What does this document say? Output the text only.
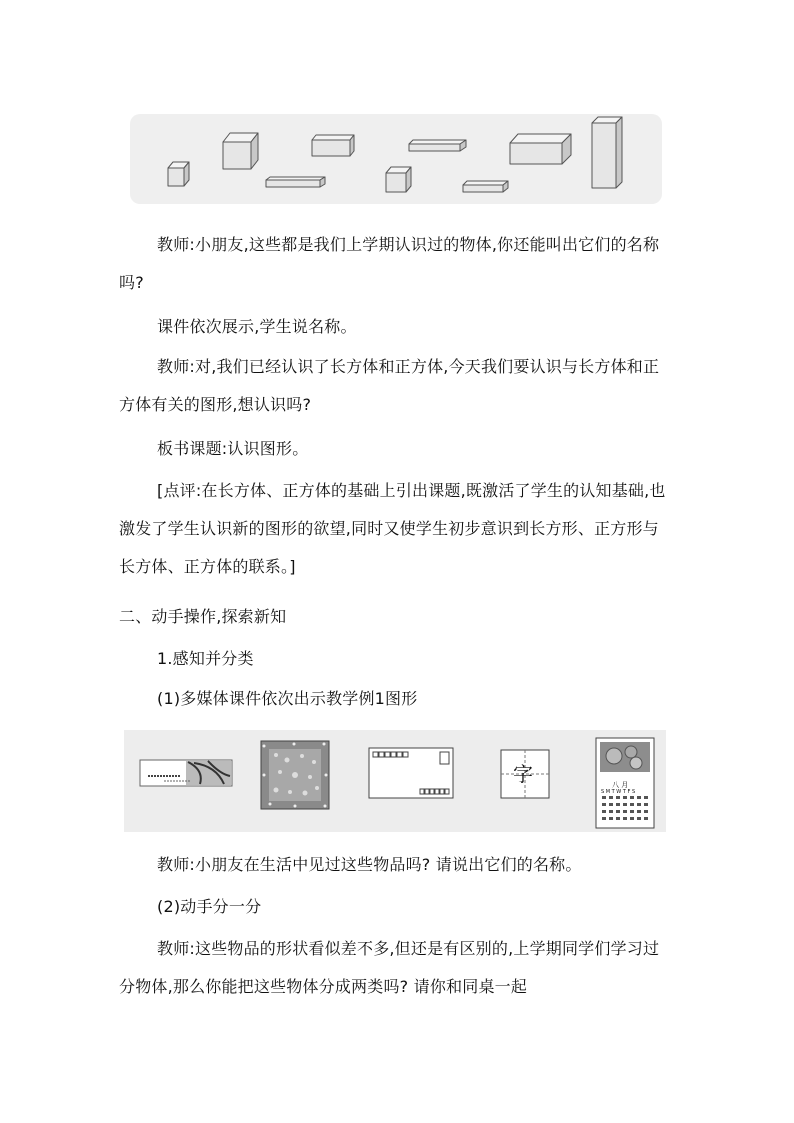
教师:小朋友,这些都是我们上学期认识过的物体,你还能叫出它们的名称吗?

课件依次展示,学生说名称。

教师:对,我们已经认识了长方体和正方体,今天我们要认识与长方体和正方体有关的图形,想认识吗?

板书课题:认识图形。

[点评:在长方体、正方体的基础上引出课题,既激活了学生的认知基础,也激发了学生认识新的图形的欲望,同时又使学生初步意识到长方形、正方形与长方体、正方体的联系。]

二、动手操作,探索新知

1.感知并分类

(1)多媒体课件依次出示教学例1图形

字	八 月
S M T W T F S

教师:小朋友在生活中见过这些物品吗? 请说出它们的名称。

(2)动手分一分

教师:这些物品的形状看似差不多,但还是有区别的,上学期同学们学习过分物体,那么你能把这些物体分成两类吗? 请你和同桌一起
